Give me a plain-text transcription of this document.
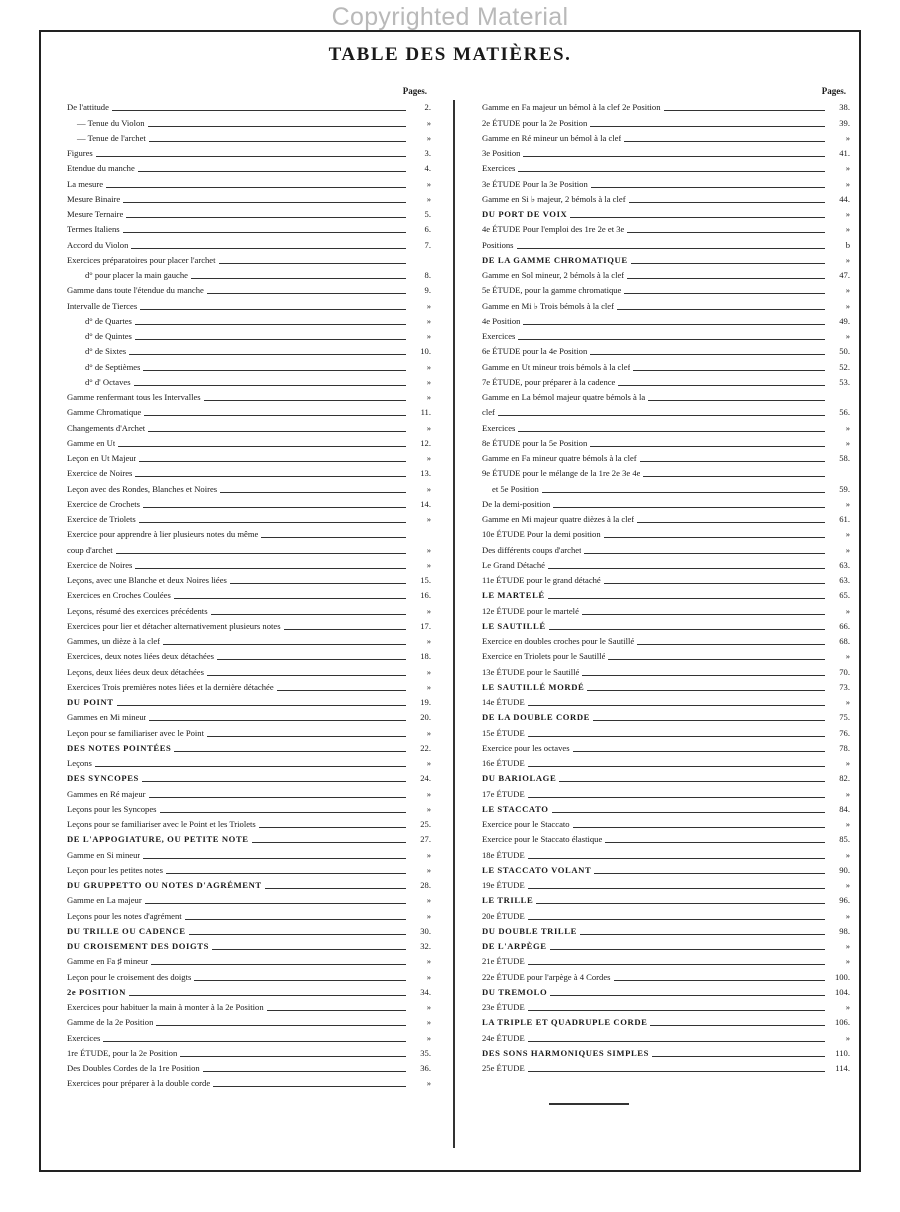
Copyrighted Material
TABLE DES MATIÈRES.
Pages.
De l'attitude	2.
— Tenue du Violon	»
— Tenue de l'archet	»
Figures	3.
Etendue du manche	4.
La mesure	»
Mesure Binaire	»
Mesure Ternaire	5.
Termes Italiens	6.
Accord du Violon	7.
Exercices préparatoires pour placer l'archet
d° pour placer la main gauche	8.
Gamme dans toute l'étendue du manche	9.
Intervalle de Tierces	»
d° de Quartes	»
d° de Quintes	»
d° de Sixtes	10.
d° de Septièmes	»
d° d' Octaves	»
Gamme renfermant tous les Intervalles	»
Gamme Chromatique	11.
Changements d'Archet	»
Gamme en Ut	12.
Leçon en Ut Majeur	»
Exercice de Noires	13.
Leçon avec des Rondes, Blanches et Noires	»
Exercice de Crochets	14.
Exercice de Triolets	»
Exercice pour apprendre à lier plusieurs notes du même
coup d'archet	»
Exercice de Noires	»
Leçons, avec une Blanche et deux Noires liées	15.
Exercices en Croches Coulées	16.
Leçons, résumé des exercices précédents	»
Exercices pour lier et détacher alternativement plusieurs notes	17.
Gammes, un dièze à la clef	»
Exercices, deux notes liées deux détachées	18.
Leçons, deux liées deux deux détachées	»
Exercices Trois premières notes liées et la dernière détachée	»
DU POINT	19.
Gammes en Mi mineur	20.
Leçon pour se familiariser avec le Point	»
DES NOTES POINTÉES	22.
Leçons	»
DES SYNCOPES	24.
Gammes en Ré majeur	»
Leçons pour les Syncopes	»
Leçons pour se familiariser avec le Point et les Triolets	25.
DE L'APPOGIATURE, OU PETITE NOTE	27.
Gamme en Si mineur	»
Leçon pour les petites notes	»
DU GRUPPETTO OU NOTES D'AGRÉMENT	28.
Gamme en La majeur	»
Leçons pour les notes d'agrément	»
DU TRILLE OU CADENCE	30.
DU CROISEMENT DES DOIGTS	32.
Gamme en Fa ♯ mineur	»
Leçon pour le croisement des doigts	»
2e POSITION	34.
Exercices pour habituer la main à monter à la 2e Position	»
Gamme de la 2e Position	»
Exercices	»
1re ÉTUDE, pour la 2e Position	35.
Des Doubles Cordes de la 1re Position	36.
Exercices pour préparer à la double corde	»
Pages.
Gamme en Fa majeur un bémol à la clef 2e Position	38.
2e ÉTUDE pour la 2e Position	39.
Gamme en Ré mineur un bémol à la clef	»
3e Position	41.
Exercices	»
3e ÉTUDE Pour la 3e Position	»
Gamme en Si ♭ majeur, 2 bémols à la clef	44.
DU PORT DE VOIX	»
4e ÉTUDE Pour l'emploi des 1re 2e et 3e	»
Positions	b
DE LA GAMME CHROMATIQUE	»
Gamme en Sol mineur, 2 bémols à la clef	47.
5e ÉTUDE, pour la gamme chromatique	»
Gamme en Mi ♭ Trois bémols à la clef	»
4e Position	49.
Exercices	»
6e ÉTUDE pour la 4e Position	50.
Gamme en Ut mineur trois bémols à la clef	52.
7e ÉTUDE, pour préparer à la cadence	53.
Gamme en La bémol majeur quatre bémols à la
clef	56.
Exercices	»
8e ÉTUDE pour la 5e Position	»
Gamme en Fa mineur quatre bémols à la clef	58.
9e ÉTUDE pour le mélange de la 1re 2e 3e 4e
et 5e Position	59.
De la demi-position	»
Gamme en Mi majeur quatre dièzes à la clef	61.
10e ÉTUDE Pour la demi position	»
Des différents coups d'archet	»
Le Grand Détaché	63.
11e ÉTUDE pour le grand détaché	63.
LE MARTELÉ	65.
12e ÉTUDE pour le martelé	»
LE SAUTILLÉ	66.
Exercice en doubles croches pour le Sautillé	68.
Exercice en Triolets pour le Sautillé	»
13e ÉTUDE pour le Sautillé	70.
LE SAUTILLÉ MORDÉ	73.
14e ÉTUDE	»
DE LA DOUBLE CORDE	75.
15e ÉTUDE	76.
Exercice pour les octaves	78.
16e ÉTUDE	»
DU BARIOLAGE	82.
17e ÉTUDE	»
LE STACCATO	84.
Exercice pour le Staccato	»
Exercice pour le Staccato élastique	85.
18e ÉTUDE	»
LE STACCATO VOLANT	90.
19e ÉTUDE	»
LE TRILLE	96.
20e ÉTUDE	»
DU DOUBLE TRILLE	98.
DE L'ARPÈGE	»
21e ÉTUDE	»
22e ÉTUDE pour l'arpège à 4 Cordes	100.
DU TREMOLO	104.
23e ÉTUDE	»
LA TRIPLE ET QUADRUPLE CORDE	106.
24e ÉTUDE	»
DES SONS HARMONIQUES SIMPLES	110.
25e ÉTUDE	114.
